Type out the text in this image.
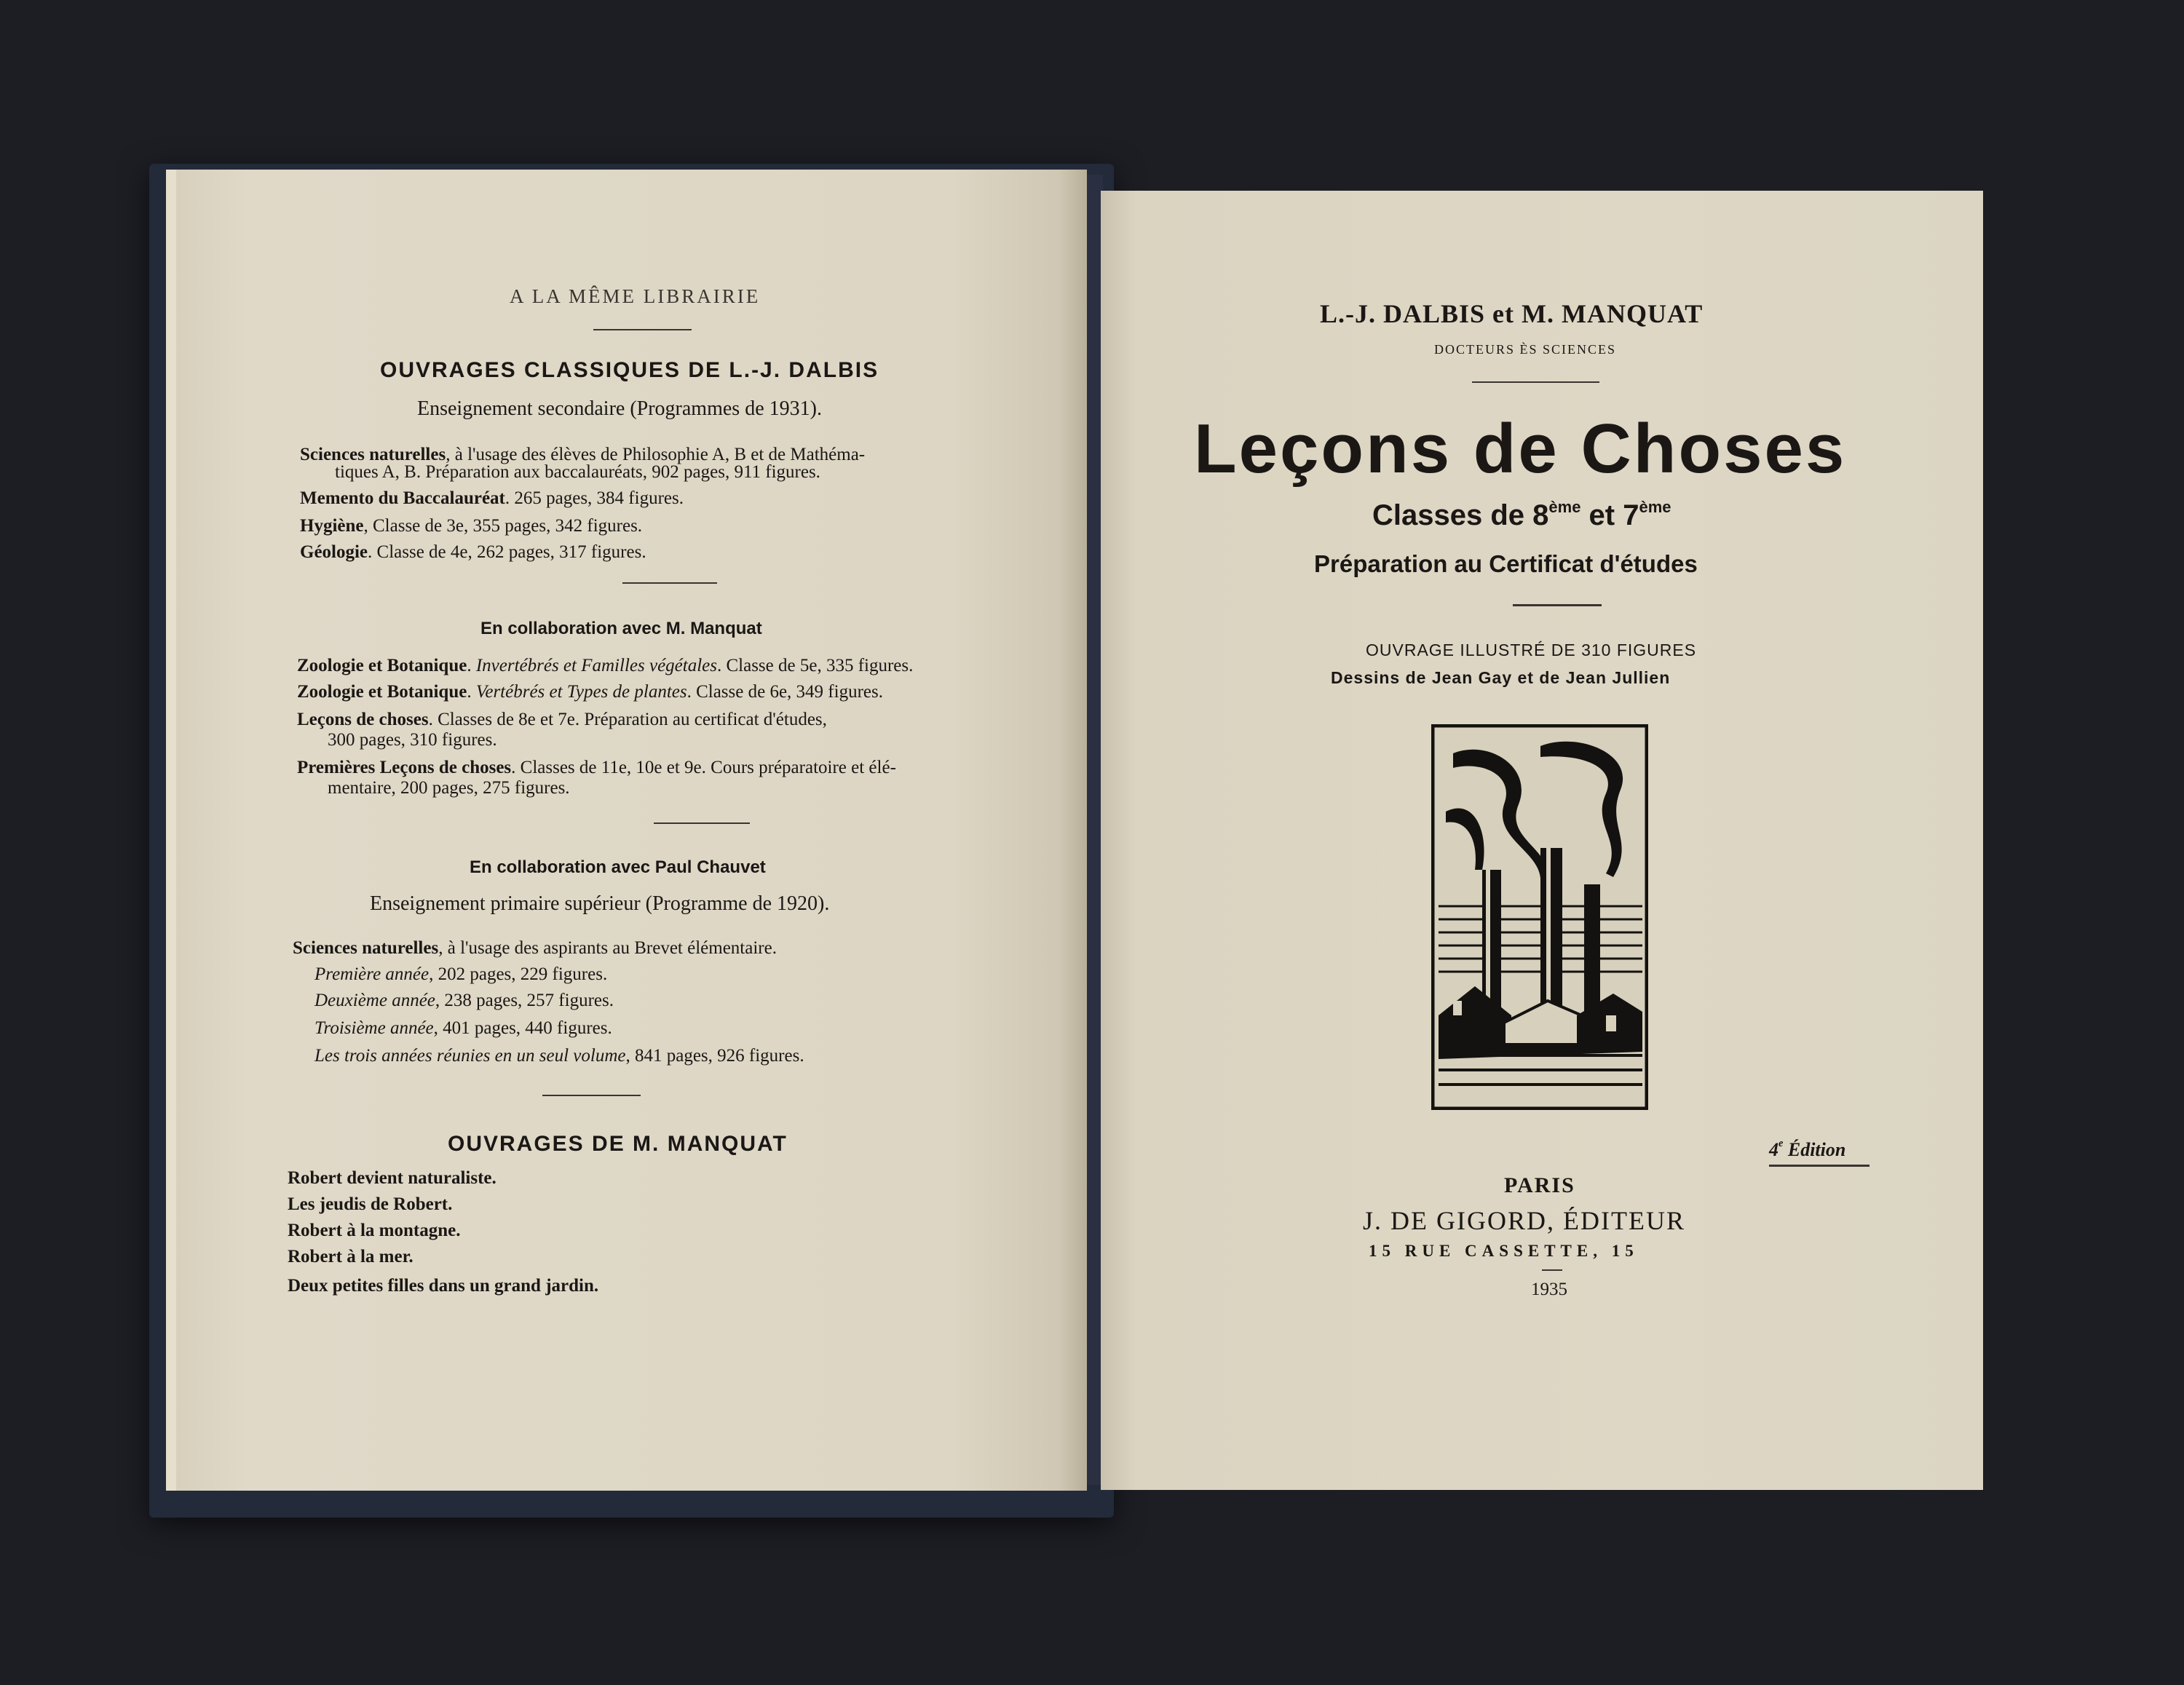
A LA MÊME LIBRAIRIE
OUVRAGES CLASSIQUES DE L.-J. DALBIS
Enseignement secondaire (Programmes de 1931).
Sciences naturelles, à l'usage des élèves de Philosophie A, B et de Mathéma-
tiques A, B. Préparation aux baccalauréats, 902 pages, 911 figures.
Memento du Baccalauréat. 265 pages, 384 figures.
Hygiène, Classe de 3e, 355 pages, 342 figures.
Géologie. Classe de 4e, 262 pages, 317 figures.
En collaboration avec M. Manquat
Zoologie et Botanique. Invertébrés et Familles végétales. Classe de 5e, 335 figures.
Zoologie et Botanique. Vertébrés et Types de plantes. Classe de 6e, 349 figures.
Leçons de choses. Classes de 8e et 7e. Préparation au certificat d'études,
300 pages, 310 figures.
Premières Leçons de choses. Classes de 11e, 10e et 9e. Cours préparatoire et élé-
mentaire, 200 pages, 275 figures.
En collaboration avec Paul Chauvet
Enseignement primaire supérieur (Programme de 1920).
Sciences naturelles, à l'usage des aspirants au Brevet élémentaire.
Première année, 202 pages, 229 figures.
Deuxième année, 238 pages, 257 figures.
Troisième année, 401 pages, 440 figures.
Les trois années réunies en un seul volume, 841 pages, 926 figures.
OUVRAGES DE M. MANQUAT
Robert devient naturaliste.
Les jeudis de Robert.
Robert à la montagne.
Robert à la mer.
Deux petites filles dans un grand jardin.
L.-J. DALBIS et M. MANQUAT
DOCTEURS ÈS SCIENCES
Leçons de Choses
Classes de 8ème et 7ème
Préparation au Certificat d'études
OUVRAGE ILLUSTRÉ DE 310 FIGURES
Dessins de Jean Gay et de Jean Jullien
4e Édition
PARIS
J. DE GIGORD, ÉDITEUR
15 RUE CASSETTE, 15
1935
